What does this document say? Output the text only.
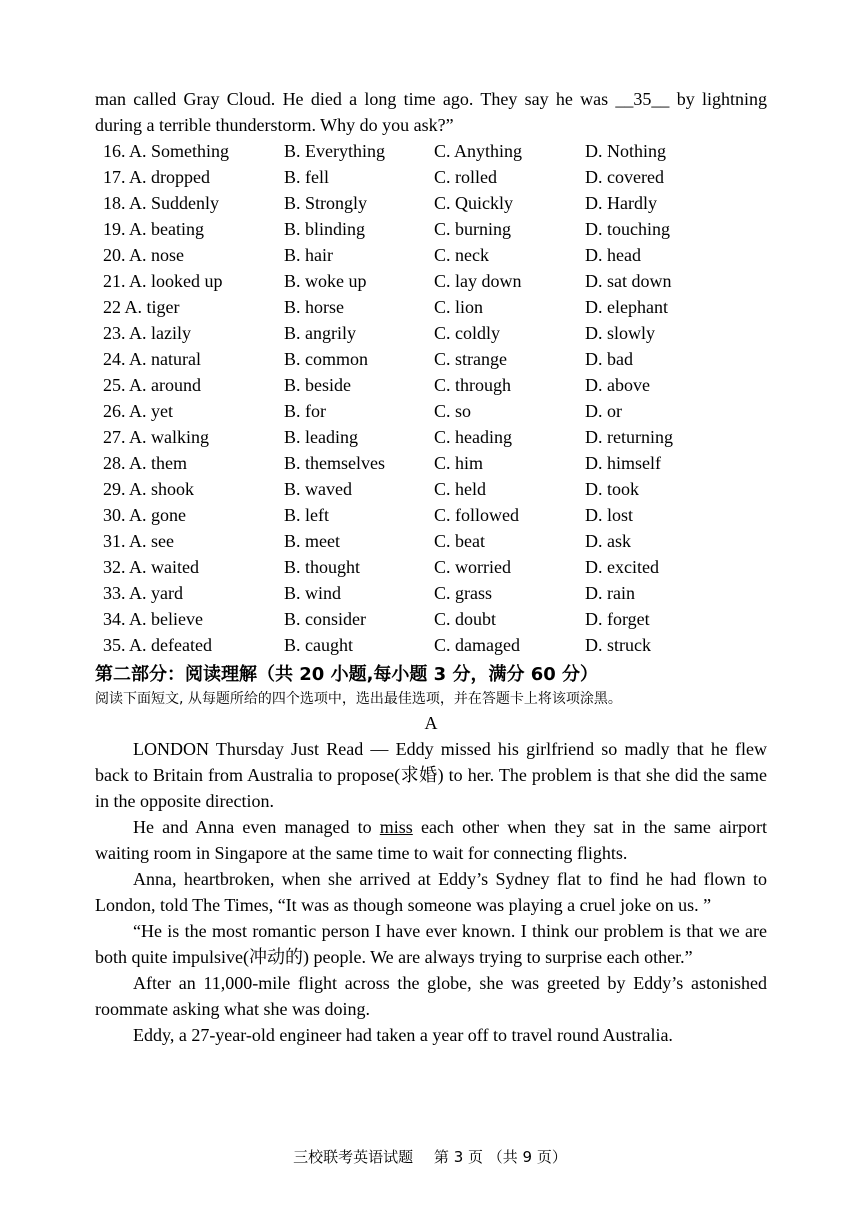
man called Gray Cloud. He died a long time ago. They say he was __35__ by lightning during a terrible thunderstorm. Why do you ask?”

16. A. Something	B. Everything	C. Anything	D. Nothing
17. A. dropped	B. fell	C. rolled	D. covered
18. A. Suddenly	B. Strongly	C. Quickly	D. Hardly
19. A. beating	B. blinding	C. burning	D. touching
20. A. nose	B. hair	C. neck	D. head
21. A. looked up	B. woke up	C. lay down	D. sat down
22 A. tiger	B. horse	C. lion	D. elephant
23. A. lazily	B. angrily	C. coldly	D. slowly
24. A. natural	B. common	C. strange	D. bad
25. A. around	B. beside	C. through	D. above
26. A. yet	B. for	C. so	D. or
27. A. walking	B. leading	C. heading	D. returning
28. A. them	B. themselves	C. him	D. himself
29. A. shook	B. waved	C. held	D. took
30. A. gone	B. left	C. followed	D. lost
31. A. see	B. meet	C. beat	D. ask
32. A. waited	B. thought	C. worried	D. excited
33. A. yard	B. wind	C. grass	D. rain
34. A. believe	B. consider	C. doubt	D. forget
35. A. defeated	B. caught	C. damaged	D. struck

第二部分：阅读理解（共 20 小题,每小题 3 分，满分 60 分）

阅读下面短文, 从每题所给的四个选项中，选出最佳选项，并在答题卡上将该项涂黑。

A

LONDON Thursday Just Read — Eddy missed his girlfriend so madly that he flew back to Britain from Australia to propose(求婚) to her. The problem is that she did the same in the opposite direction.

He and Anna even managed to miss each other when they sat in the same airport waiting room in Singapore at the same time to wait for connecting flights.

Anna, heartbroken, when she arrived at Eddy’s Sydney flat to find he had flown to London, told The Times, “It was as though someone was playing a cruel joke on us. ”

“He is the most romantic person I have ever known. I think our problem is that we are both quite impulsive(冲动的) people. We are always trying to surprise each other.”

After an 11,000-mile flight across the globe, she was greeted by Eddy’s astonished roommate asking what she was doing.

Eddy, a 27-year-old engineer had taken a year off to travel round Australia.

三校联考英语试题 第 3 页 （共 9 页）
